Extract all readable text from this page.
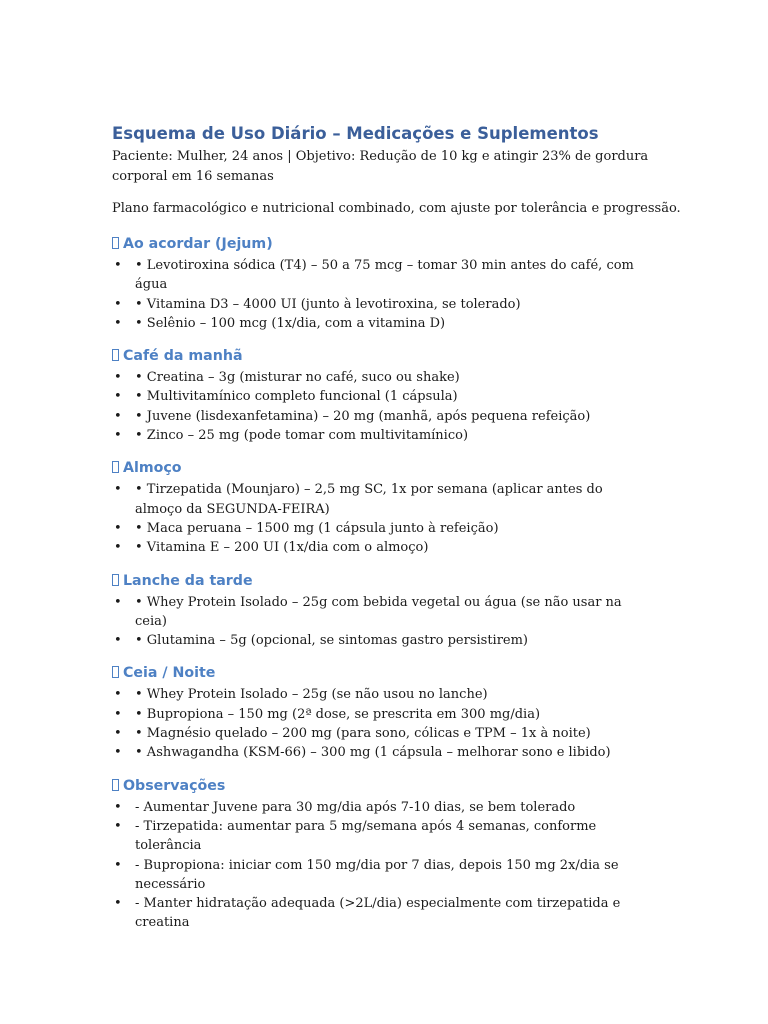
Esquema de Uso Diário – Medicações e Suplementos

Paciente: Mulher, 24 anos | Objetivo: Redução de 10 kg e atingir 23% de gordura corporal em 16 semanas

Plano farmacológico e nutricional combinado, com ajuste por tolerância e progressão.

Ao acordar (Jejum)
• • Levotiroxina sódica (T4) – 50 a 75 mcg – tomar 30 min antes do café, com água
• • Vitamina D3 – 4000 UI (junto à levotiroxina, se tolerado)
• • Selênio – 100 mcg (1x/dia, com a vitamina D)
Café da manhã
• • Creatina – 3g (misturar no café, suco ou shake)
• • Multivitamínico completo funcional (1 cápsula)
• • Juvene (lisdexanfetamina) – 20 mg (manhã, após pequena refeição)
• • Zinco – 25 mg (pode tomar com multivitamínico)
Almoço
• • Tirzepatida (Mounjaro) – 2,5 mg SC, 1x por semana (aplicar antes do almoço da SEGUNDA-FEIRA)
• • Maca peruana – 1500 mg (1 cápsula junto à refeição)
• • Vitamina E – 200 UI (1x/dia com o almoço)
Lanche da tarde
• • Whey Protein Isolado – 25g com bebida vegetal ou água (se não usar na ceia)
• • Glutamina – 5g (opcional, se sintomas gastro persistirem)
Ceia / Noite
• • Whey Protein Isolado – 25g (se não usou no lanche)
• • Bupropiona – 150 mg (2ª dose, se prescrita em 300 mg/dia)
• • Magnésio quelado – 200 mg (para sono, cólicas e TPM – 1x à noite)
• • Ashwagandha (KSM-66) – 300 mg (1 cápsula – melhorar sono e libido)
Observações
• - Aumentar Juvene para 30 mg/dia após 7-10 dias, se bem tolerado
• - Tirzepatida: aumentar para 5 mg/semana após 4 semanas, conforme tolerância
• - Bupropiona: iniciar com 150 mg/dia por 7 dias, depois 150 mg 2x/dia se necessário
• - Manter hidratação adequada (>2L/dia) especialmente com tirzepatida e creatina
